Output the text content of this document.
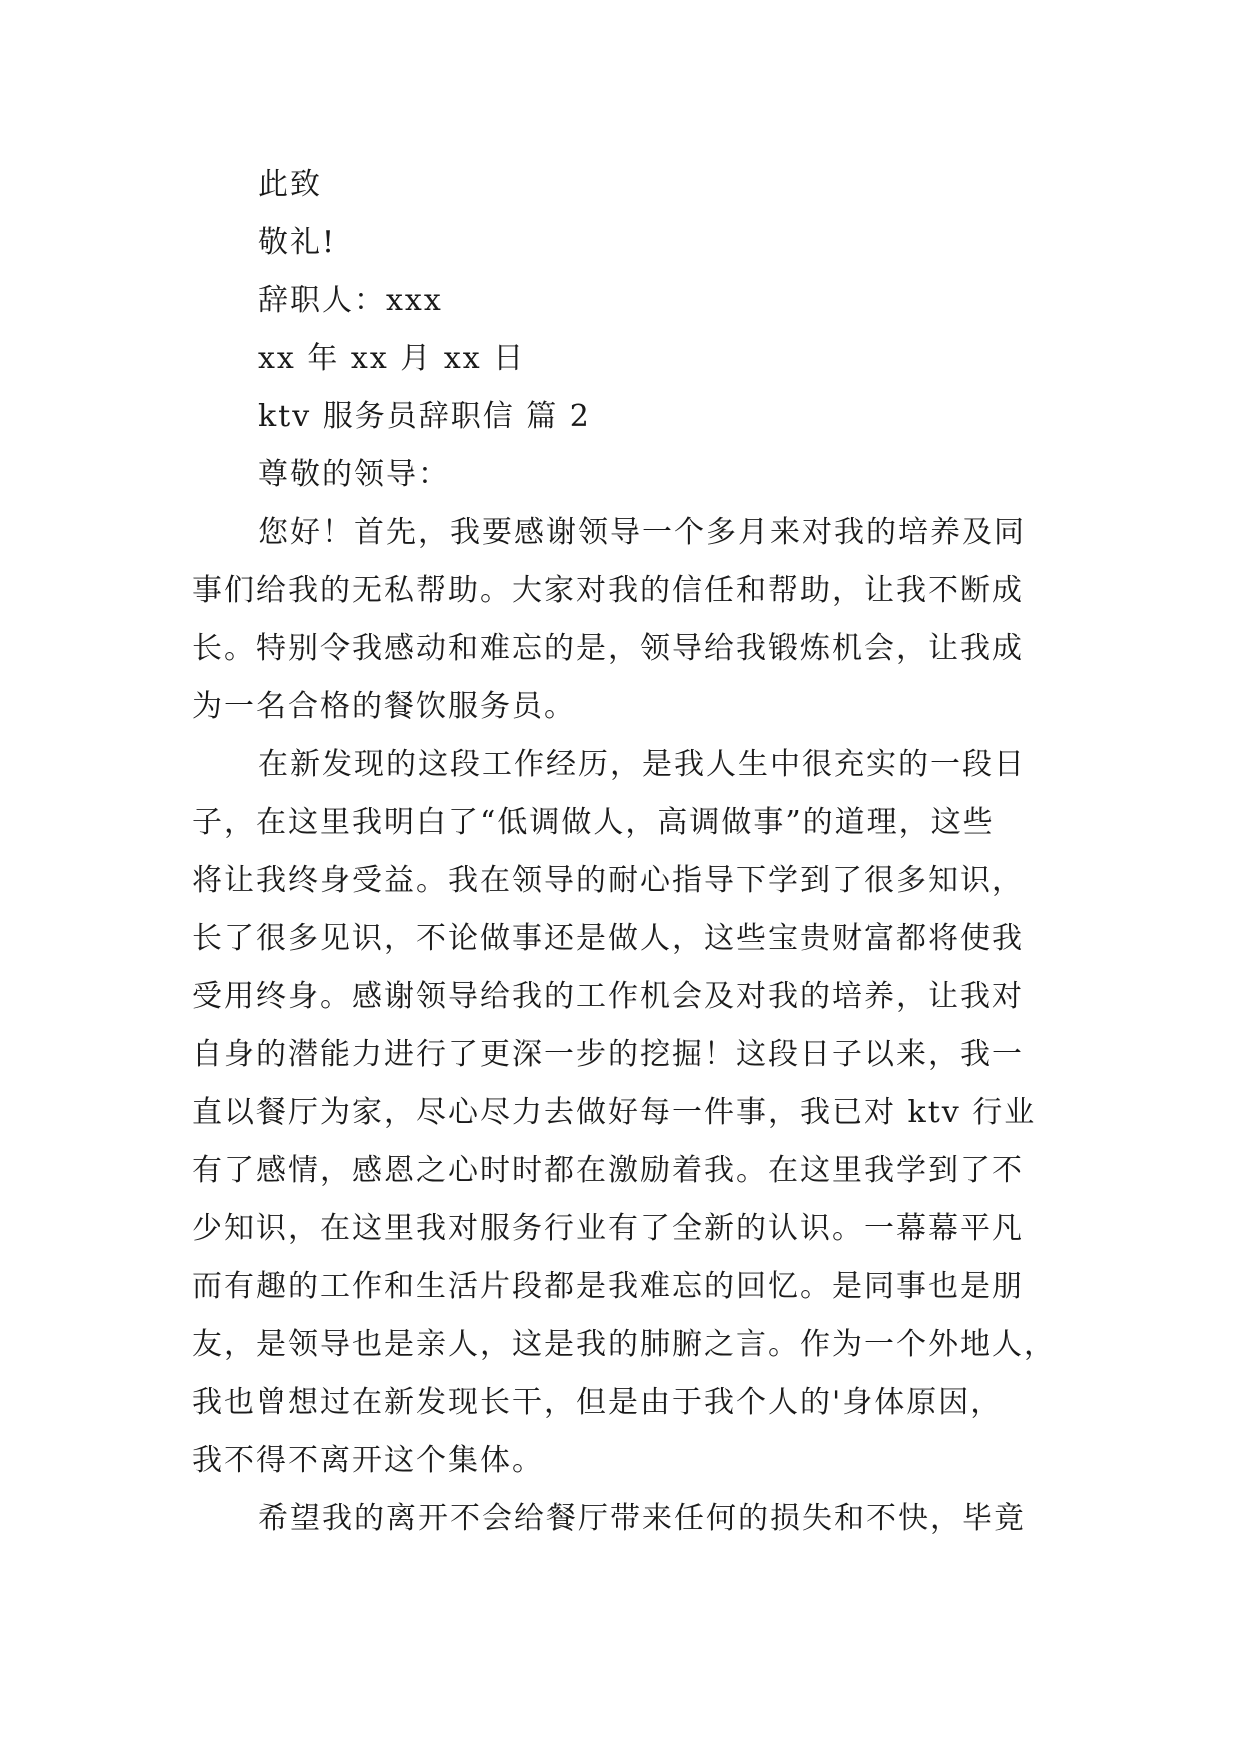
此致
敬礼!
辞职人：xxx
xx 年 xx 月 xx 日
ktv 服务员辞职信 篇 2
尊敬的领导：
您好！首先，我要感谢领导一个多月来对我的培养及同
事们给我的无私帮助。大家对我的信任和帮助，让我不断成
长。特别令我感动和难忘的是，领导给我锻炼机会，让我成
为一名合格的餐饮服务员。
在新发现的这段工作经历，是我人生中很充实的一段日
子，在这里我明白了“低调做人，高调做事”的道理，这些
将让我终身受益。我在领导的耐心指导下学到了很多知识，
长了很多见识，不论做事还是做人，这些宝贵财富都将使我
受用终身。感谢领导给我的工作机会及对我的培养，让我对
自身的潜能力进行了更深一步的挖掘！这段日子以来，我一
直以餐厅为家，尽心尽力去做好每一件事，我已对 ktv 行业
有了感情，感恩之心时时都在激励着我。在这里我学到了不
少知识，在这里我对服务行业有了全新的认识。一幕幕平凡
而有趣的工作和生活片段都是我难忘的回忆。是同事也是朋
友，是领导也是亲人，这是我的肺腑之言。作为一个外地人，
我也曾想过在新发现长干，但是由于我个人的'身体原因，
我不得不离开这个集体。
希望我的离开不会给餐厅带来任何的损失和不快，毕竟
